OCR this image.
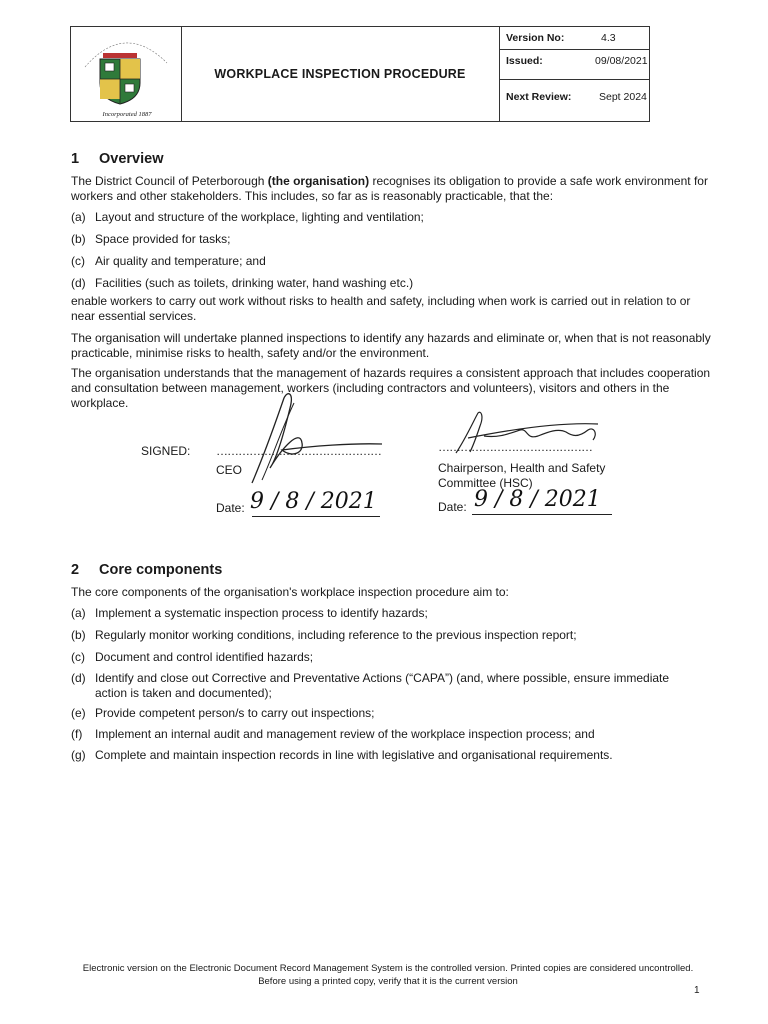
Incorporated 1887
WORKPLACE INSPECTION PROCEDURE
Version No:	4.3
Issued:	09/08/2021
Next Review:	Sept 2024
1 Overview

The District Council of Peterborough (the organisation) recognises its obligation to provide a safe work environment for workers and other stakeholders. This includes, so far as is reasonably practicable, that the:

(a) Layout and structure of the workplace, lighting and ventilation;
(b) Space provided for tasks;
(c) Air quality and temperature; and
(d) Facilities (such as toilets, drinking water, hand washing etc.)

enable workers to carry out work without risks to health and safety, including when work is carried out in relation to or near essential services.

The organisation will undertake planned inspections to identify any hazards and eliminate or, when that is not reasonably practicable, minimise risks to health, safety and/or the environment.

The organisation understands that the management of hazards requires a consistent approach that includes cooperation and consultation between management, workers (including contractors and volunteers), visitors and others in the workplace.

SIGNED: ………………………………………	……………………………………
CEO	Chairperson, Health and Safety
Committee (HSC)
Date: 9 / 8 / 2021	Date: 9 / 8 / 2021
2 Core components

The core components of the organisation's workplace inspection procedure aim to:

(a) Implement a systematic inspection process to identify hazards;
(b) Regularly monitor working conditions, including reference to the previous inspection report;
(c) Document and control identified hazards;
(d) Identify and close out Corrective and Preventative Actions (“CAPA”) (and, where possible, ensure immediate action is taken and documented);
(e) Provide competent person/s to carry out inspections;
(f) Implement an internal audit and management review of the workplace inspection process; and
(g) Complete and maintain inspection records in line with legislative and organisational requirements.
Electronic version on the Electronic Document Record Management System is the controlled version. Printed copies are considered uncontrolled. Before using a printed copy, verify that it is the current version
1
